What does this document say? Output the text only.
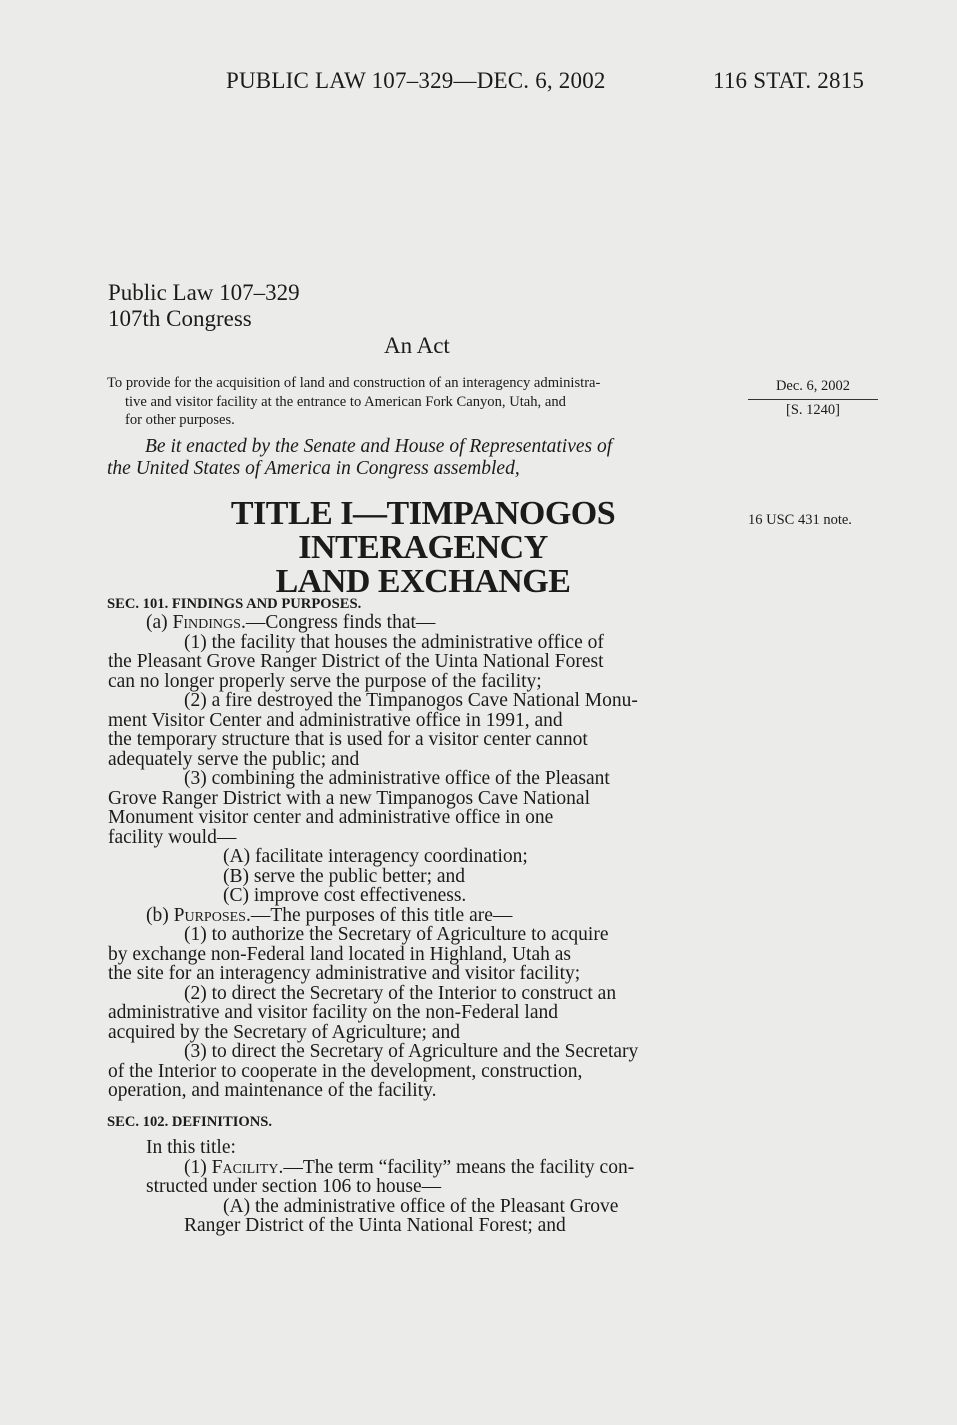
PUBLIC LAW 107–329—DEC. 6, 2002	116 STAT. 2815
Public Law 107–329
107th Congress
An Act
To provide for the acquisition of land and construction of an interagency administra-
tive and visitor facility at the entrance to American Fork Canyon, Utah, and
for other purposes.
Dec. 6, 2002
[S. 1240]
16 USC 431 note.
Be it enacted by the Senate and House of Representatives of
the United States of America in Congress assembled,
TITLE I—TIMPANOGOS INTERAGENCY
LAND EXCHANGE
SEC. 101. FINDINGS AND PURPOSES.
(a) Findings.—Congress finds that—
(1) the facility that houses the administrative office of
the Pleasant Grove Ranger District of the Uinta National Forest
can no longer properly serve the purpose of the facility;
(2) a fire destroyed the Timpanogos Cave National Monu-
ment Visitor Center and administrative office in 1991, and
the temporary structure that is used for a visitor center cannot
adequately serve the public; and
(3) combining the administrative office of the Pleasant
Grove Ranger District with a new Timpanogos Cave National
Monument visitor center and administrative office in one
facility would—
(A) facilitate interagency coordination;
(B) serve the public better; and
(C) improve cost effectiveness.
(b) Purposes.—The purposes of this title are—
(1) to authorize the Secretary of Agriculture to acquire
by exchange non-Federal land located in Highland, Utah as
the site for an interagency administrative and visitor facility;
(2) to direct the Secretary of the Interior to construct an
administrative and visitor facility on the non-Federal land
acquired by the Secretary of Agriculture; and
(3) to direct the Secretary of Agriculture and the Secretary
of the Interior to cooperate in the development, construction,
operation, and maintenance of the facility.
SEC. 102. DEFINITIONS.
In this title:
(1) Facility.—The term “facility” means the facility con-
structed under section 106 to house—
(A) the administrative office of the Pleasant Grove
Ranger District of the Uinta National Forest; and
